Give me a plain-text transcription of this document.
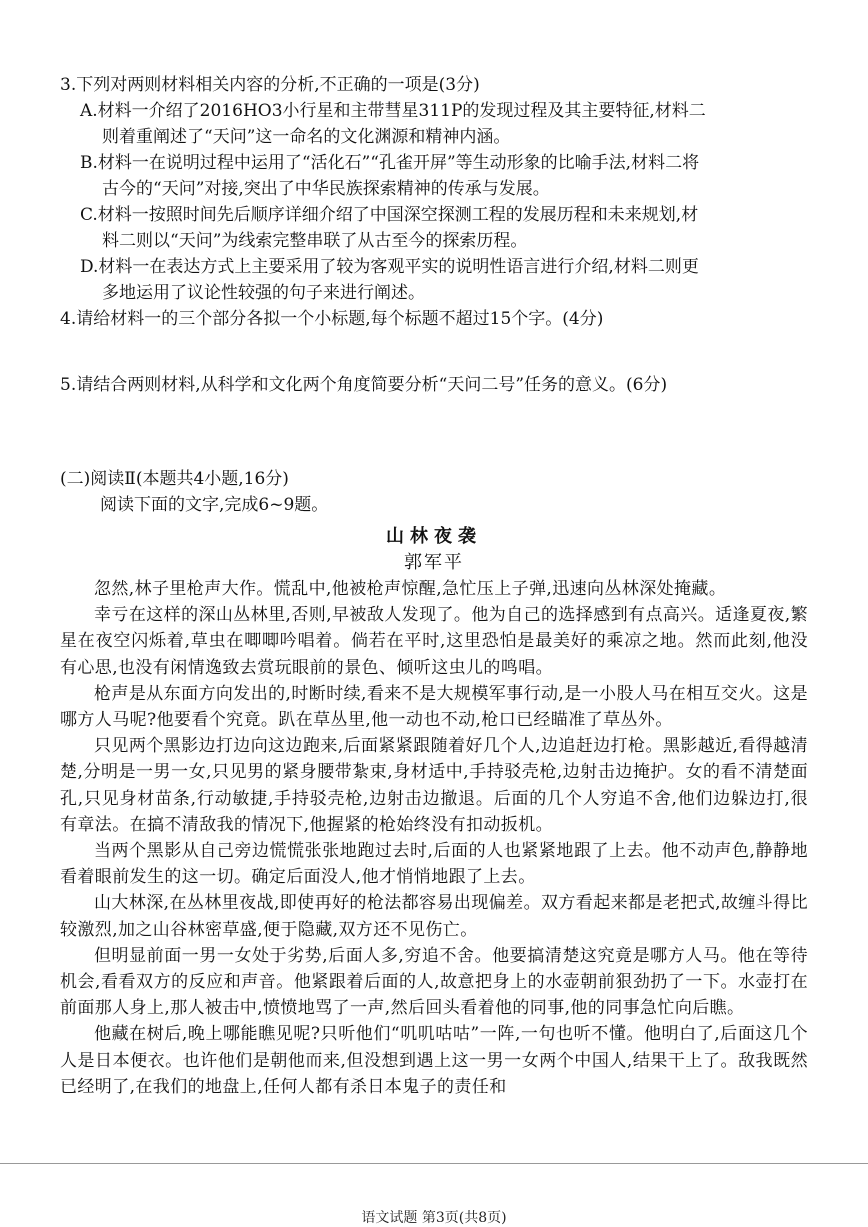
3.下列对两则材料相关内容的分析,不正确的一项是(3分)
A.材料一介绍了2016HO3小行星和主带彗星311P的发现过程及其主要特征,材料二
则着重阐述了“天问”这一命名的文化渊源和精神内涵。
B.材料一在说明过程中运用了“活化石”“孔雀开屏”等生动形象的比喻手法,材料二将
古今的“天问”对接,突出了中华民族探索精神的传承与发展。
C.材料一按照时间先后顺序详细介绍了中国深空探测工程的发展历程和未来规划,材
料二则以“天问”为线索完整串联了从古至今的探索历程。
D.材料一在表达方式上主要采用了较为客观平实的说明性语言进行介绍,材料二则更
多地运用了议论性较强的句子来进行阐述。
4.请给材料一的三个部分各拟一个小标题,每个标题不超过15个字。(4分)
5.请结合两则材料,从科学和文化两个角度简要分析“天问二号”任务的意义。(6分)
(二)阅读Ⅱ(本题共4小题,16分)
阅读下面的文字,完成6~9题。
山林夜袭
郭军平
忽然,林子里枪声大作。慌乱中,他被枪声惊醒,急忙压上子弹,迅速向丛林深处掩藏。
幸亏在这样的深山丛林里,否则,早被敌人发现了。他为自己的选择感到有点高兴。适逢夏夜,繁星在夜空闪烁着,草虫在唧唧吟唱着。倘若在平时,这里恐怕是最美好的乘凉之地。然而此刻,他没有心思,也没有闲情逸致去赏玩眼前的景色、倾听这虫儿的鸣唱。
枪声是从东面方向发出的,时断时续,看来不是大规模军事行动,是一小股人马在相互交火。这是哪方人马呢?他要看个究竟。趴在草丛里,他一动也不动,枪口已经瞄准了草丛外。
只见两个黑影边打边向这边跑来,后面紧紧跟随着好几个人,边追赶边打枪。黑影越近,看得越清楚,分明是一男一女,只见男的紧身腰带紮束,身材适中,手持驳壳枪,边射击边掩护。女的看不清楚面孔,只见身材苗条,行动敏捷,手持驳壳枪,边射击边撤退。后面的几个人穷追不舍,他们边躲边打,很有章法。在搞不清敌我的情况下,他握紧的枪始终没有扣动扳机。
当两个黑影从自己旁边慌慌张张地跑过去时,后面的人也紧紧地跟了上去。他不动声色,静静地看着眼前发生的这一切。确定后面没人,他才悄悄地跟了上去。
山大林深,在丛林里夜战,即使再好的枪法都容易出现偏差。双方看起来都是老把式,故缠斗得比较激烈,加之山谷林密草盛,便于隐藏,双方还不见伤亡。
但明显前面一男一女处于劣势,后面人多,穷追不舍。他要搞清楚这究竟是哪方人马。他在等待机会,看看双方的反应和声音。他紧跟着后面的人,故意把身上的水壶朝前狠劲扔了一下。水壶打在前面那人身上,那人被击中,愤愤地骂了一声,然后回头看着他的同事,他的同事急忙向后瞧。
他藏在树后,晚上哪能瞧见呢?只听他们“叽叽咕咕”一阵,一句也听不懂。他明白了,后面这几个人是日本便衣。也许他们是朝他而来,但没想到遇上这一男一女两个中国人,结果干上了。敌我既然已经明了,在我们的地盘上,任何人都有杀日本鬼子的责任和
语文试题 第3页(共8页)
